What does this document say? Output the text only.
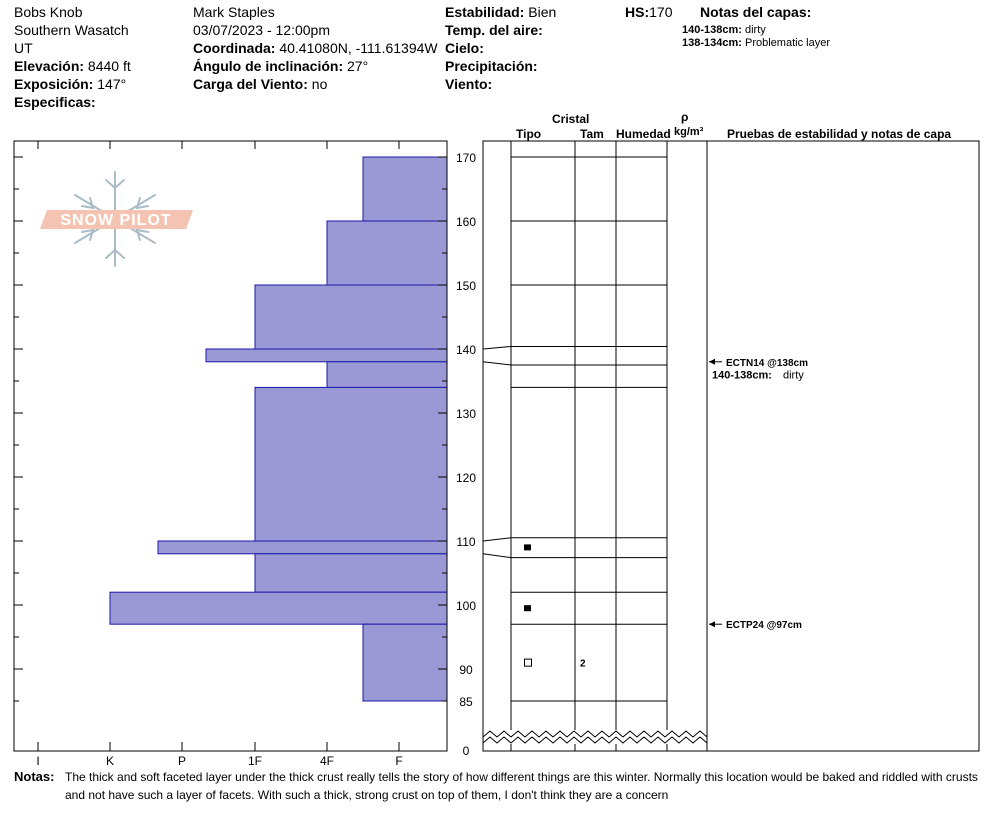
Bobs Knob
Southern Wasatch
UT
Elevación: 8440 ft
Exposición: 147°
Especificas:
Mark Staples
03/07/2023 - 12:00pm
Coordinada: 40.41080N, -111.61394W
Ángulo de inclinación: 27°
Carga del Viento: no
Estabilidad: Bien
Temp. del aire:
Cielo:
Precipitación:
Viento:
HS:170 Notas del capas:
140-138cm: dirty
138-134cm: Problematic layer
SNOW PILOT
I	K	P	1F	4F	F
170
160
150
140
130
120
110
100
90
85
0
2
ECTN14 @138cm
ECTP24 @97cm
140-138cm: dirty
Cristal
Tipo	Tam Humedad
ρ
kg/m³ Pruebas de estabilidad y notas de capa
Notas: The thick and soft faceted layer under the thick crust really tells the story of how different things are this winter. Normally this location would be baked and riddled with crusts and not have such a layer of facets. With such a thick, strong crust on top of them, I don't think they are a concern
